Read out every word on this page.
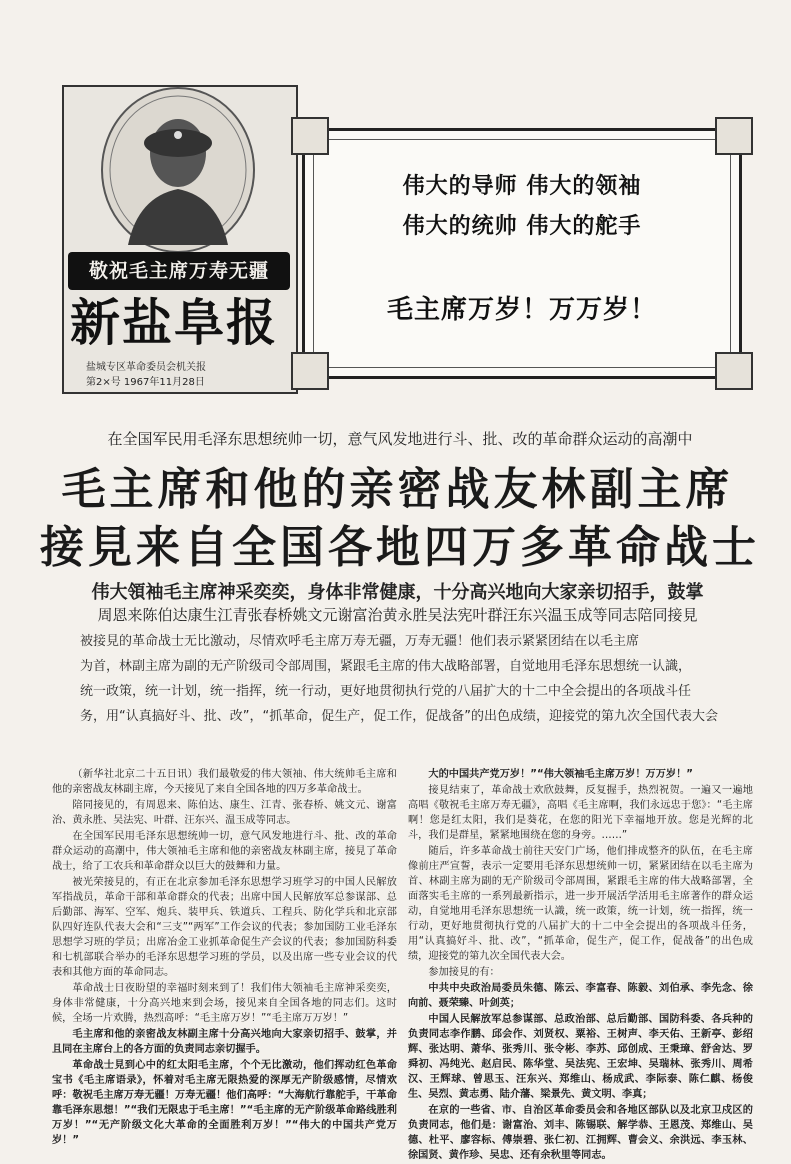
敬祝毛主席万寿无疆
新盐阜报
盐城专区革命委员会机关报
第2×号 1967年11月28日
伟大的导师 伟大的领袖
伟大的统帅 伟大的舵手
毛主席万岁！万万岁！
在全国军民用毛泽东思想统帅一切，意气风发地进行斗、批、改的革命群众运动的高潮中
毛主席和他的亲密战友林副主席
接見来自全国各地四万多革命战士
伟大領袖毛主席神采奕奕，身体非常健康，十分高兴地向大家亲切招手，鼓掌
周恩来陈伯达康生江青张春桥姚文元谢富治黄永胜吴法宪叶群汪东兴温玉成等同志陪同接見
被接見的革命战士无比激动，尽情欢呼毛主席万寿无疆，万寿无疆！他们表示紧紧团结在以毛主席
为首，林副主席为副的无产阶级司令部周围，紧跟毛主席的伟大战略部署，自觉地用毛泽东思想统一认識，
统一政策，统一计划，统一指挥，统一行动，更好地贯彻执行党的八届扩大的十二中全会提出的各项战斗任
务，用“认真搞好斗、批、改”，“抓革命，促生产，促工作，促战备”的出色成绩，迎接党的第九次全国代表大会

（新华社北京二十五日讯）我们最敬爱的伟大领袖、伟大统帅毛主席和他的亲密战友林副主席，今天接见了来自全国各地的四万多革命战士。

陪同接见的，有周恩来、陈伯达、康生、江青、张春桥、姚文元、谢富治、黄永胜、吴法宪、叶群、汪东兴、温玉成等同志。

在全国军民用毛泽东思想统帅一切，意气风发地进行斗、批、改的革命群众运动的高潮中，伟大领袖毛主席和他的亲密战友林副主席，接見了革命战士，给了工农兵和革命群众以巨大的鼓舞和力量。

被光荣接見的，有正在北京参加毛泽东思想学习班学习的中国人民解放军指战员，革命干部和革命群众的代表；出席中国人民解放军总参谋部、总后勤部、海军、空军、炮兵、装甲兵、铁道兵、工程兵、防化学兵和北京部队四好连队代表大会和“三支”“两军”工作会议的代表；参加国防工业毛泽东思想学习班的学员；出席冶金工业抓革命促生产会议的代表；参加国防科委和七机部联合举办的毛泽东思想学习班的学员，以及出席一些专业会议的代表和其他方面的革命同志。

革命战士日夜盼望的幸福时刻来到了！我们伟大领袖毛主席神采奕奕，身体非常健康，十分高兴地来到会场，接见来自全国各地的同志们。这时候，全场一片欢腾，热烈高呼：“毛主席万岁！”“毛主席万万岁！”

毛主席和他的亲密战友林副主席十分高兴地向大家亲切招手、鼓掌，并且同在主席台上的各方面的负责同志亲切握手。

革命战士見到心中的红太阳毛主席，个个无比激动，他们挥动红色革命宝书《毛主席语录》，怀着对毛主席无限热爱的深厚无产阶级感情，尽情欢呼：敬祝毛主席万寿无疆！万寿无疆！他们高呼：“大海航行靠舵手，干革命靠毛泽东思想！”“我们无限忠于毛主席！”“毛主席的无产阶级革命路线胜利万岁！”“无产阶级文化大革命的全面胜利万岁！”“伟大的中国共产党万岁！”

大的中国共产党万岁！”“伟大领袖毛主席万岁！万万岁！”

接見结束了，革命战士欢欣鼓舞，反复握手，热烈祝贺。一遍又一遍地高唱《敬祝毛主席万寿无疆》，高唱《毛主席啊，我们永远忠于您》：“毛主席啊！您是红太阳，我们是葵花，在您的阳光下幸福地开放。您是光辉的北斗，我们是群星，紧紧地围绕在您的身旁。……”

随后，许多革命战士前往天安门广场，他们排成整齐的队伍，在毛主席像前庄严宣誓，表示一定要用毛泽东思想统帅一切，紧紧团结在以毛主席为首、林副主席为副的无产阶级司令部周围，紧跟毛主席的伟大战略部署，全面落实毛主席的一系列最新指示，进一步开展活学活用毛主席著作的群众运动，自觉地用毛泽东思想统一认識，统一政策，统一计划，统一指挥，统一行动，更好地贯彻执行党的八届扩大的十二中全会提出的各项战斗任务，用“认真搞好斗、批、改”，“抓革命，促生产，促工作，促战备”的出色成绩，迎接党的第九次全国代表大会。

参加接見的有：

中共中央政治局委员朱德、陈云、李富春、陈毅、刘伯承、李先念、徐向前、聂荣臻、叶剑英；

中国人民解放军总参谋部、总政治部、总后勤部、国防科委、各兵种的负责同志李作鹏、邱会作、刘贤权、粟裕、王树声、李天佑、王新亭、彭绍辉、张达明、萧华、张秀川、张令彬、李苏、邱创成、王秉璋、舒舍达、罗舜初、冯纯光、赵启民、陈华堂、吴法宪、王宏坤、吴瑞林、张秀川、周希汉、王辉球、曾思玉、汪东兴、郑维山、杨成武、李际泰、陈仁麒、杨俊生、吴烈、黄志勇、陆介藩、梁景先、黄文明、李真；

在京的一些省、市、自治区革命委员会和各地区部队以及北京卫戍区的负责同志，他们是：谢富治、刘丰、陈锡联、解学恭、王恩茂、郑维山、吴德、杜平、廖容标、傅崇碧、张仁初、江拥辉、曹会义、余洪远、李玉林、徐国贤、黄作珍、吴忠、还有余秋里等同志。
